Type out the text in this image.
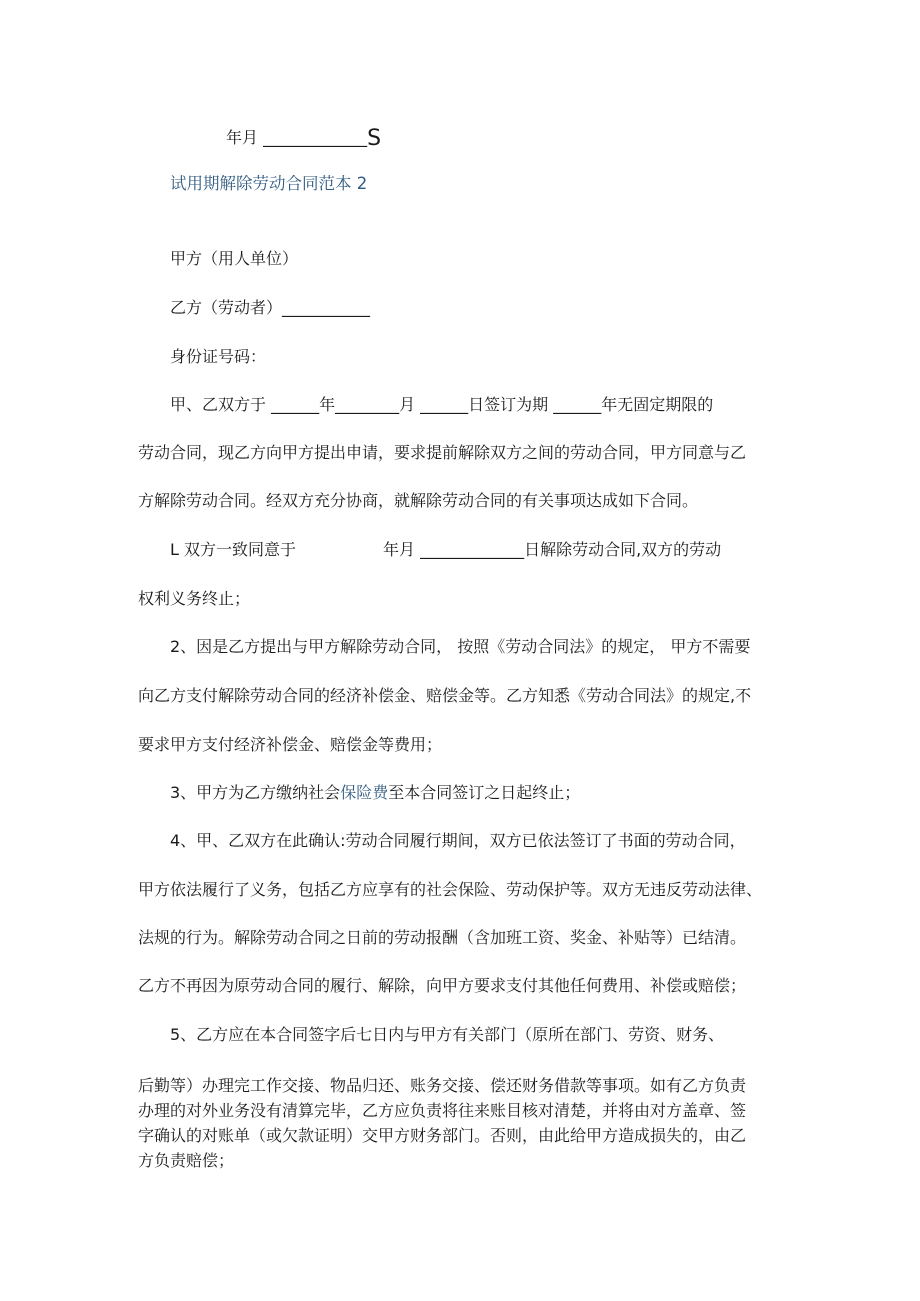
年月 _____________S
试用期解除劳动合同范本 2
甲方（用人单位）
乙方（劳动者）___________
身份证号码：
甲、乙双方于 ______年________月 ______日签订为期 ______年无固定期限的
劳动合同，现乙方向甲方提出申请，要求提前解除双方之间的劳动合同，甲方同意与乙
方解除劳动合同。经双方充分协商，就解除劳动合同的有关事项达成如下合同。
L 双方一致同意于	年月 _____________日解除劳动合同,双方的劳动
权利义务终止；
2、因是乙方提出与甲方解除劳动合同， 按照《劳动合同法》的规定， 甲方不需要
向乙方支付解除劳动合同的经济补偿金、赔偿金等。乙方知悉《劳动合同法》的规定,不
要求甲方支付经济补偿金、赔偿金等费用；
3、甲方为乙方缴纳社会保险费至本合同签订之日起终止；
4、甲、乙双方在此确认:劳动合同履行期间，双方已依法签订了书面的劳动合同，
甲方依法履行了义务，包括乙方应享有的社会保险、劳动保护等。双方无违反劳动法律、
法规的行为。解除劳动合同之日前的劳动报酬（含加班工资、奖金、补贴等）已结清。
乙方不再因为原劳动合同的履行、解除，向甲方要求支付其他任何费用、补偿或赔偿；
5、乙方应在本合同签字后七日内与甲方有关部门（原所在部门、劳资、财务、
后勤等）办理完工作交接、物品归还、账务交接、偿还财务借款等事项。如有乙方负责
办理的对外业务没有清算完毕，乙方应负责将往来账目核对清楚，并将由对方盖章、签
字确认的对账单（或欠款证明）交甲方财务部门。否则，由此给甲方造成损失的，由乙
方负责赔偿；
